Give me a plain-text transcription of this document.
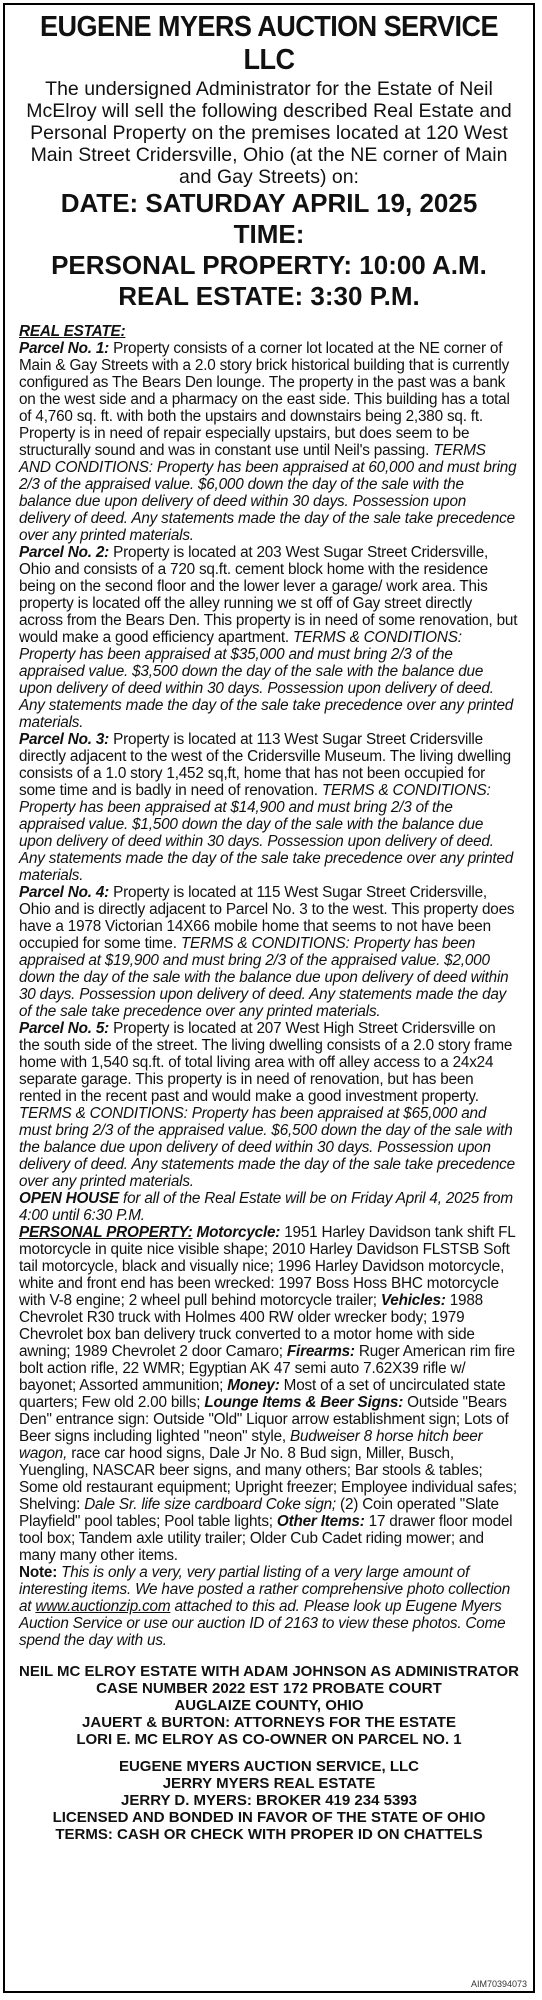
EUGENE MYERS AUCTION SERVICE LLC
The undersigned Administrator for the Estate of Neil McElroy will sell the following described Real Estate and Personal Property on the premises located at 120 West Main Street Cridersville, Ohio (at the NE corner of Main and Gay Streets) on:
DATE: SATURDAY APRIL 19, 2025
TIME:
PERSONAL PROPERTY: 10:00 A.M.
REAL ESTATE: 3:30 P.M.

REAL ESTATE:
Parcel No. 1: Property consists of a corner lot located at the NE corner of Main & Gay Streets with a 2.0 story brick historical building that is currently configured as The Bears Den lounge. The property in the past was a bank on the west side and a pharmacy on the east side. This building has a total of 4,760 sq. ft. with both the upstairs and downstairs being 2,380 sq. ft. Property is in need of repair especially upstairs, but does seem to be structurally sound and was in constant use until Neil's passing. TERMS AND CONDITIONS: Property has been appraised at 60,000 and must bring 2/3 of the appraised value. $6,000 down the day of the sale with the balance due upon delivery of deed within 30 days. Possession upon delivery of deed. Any statements made the day of the sale take precedence over any printed materials.
Parcel No. 2: Property is located at 203 West Sugar Street Cridersville, Ohio and consists of a 720 sq.ft. cement block home with the residence being on the second floor and the lower lever a garage/ work area. This property is located off the alley running we st off of Gay street directly across from the Bears Den. This property is in need of some renovation, but would make a good efficiency apartment. TERMS & CONDITIONS: Property has been appraised at $35,000 and must bring 2/3 of the appraised value. $3,500 down the day of the sale with the balance due upon delivery of deed within 30 days. Possession upon delivery of deed. Any statements made the day of the sale take precedence over any printed materials.
Parcel No. 3: Property is located at 113 West Sugar Street Cridersville directly adjacent to the west of the Cridersville Museum. The living dwelling consists of a 1.0 story 1,452 sq,ft, home that has not been occupied for some time and is badly in need of renovation. TERMS & CONDITIONS: Property has been appraised at $14,900 and must bring 2/3 of the appraised value. $1,500 down the day of the sale with the balance due upon delivery of deed within 30 days. Possession upon delivery of deed. Any statements made the day of the sale take precedence over any printed materials.
Parcel No. 4: Property is located at 115 West Sugar Street Cridersville, Ohio and is directly adjacent to Parcel No. 3 to the west. This property does have a 1978 Victorian 14X66 mobile home that seems to not have been occupied for some time. TERMS & CONDITIONS: Property has been appraised at $19,900 and must bring 2/3 of the appraised value. $2,000 down the day of the sale with the balance due upon delivery of deed within 30 days. Possession upon delivery of deed. Any statements made the day of the sale take precedence over any printed materials.
Parcel No. 5: Property is located at 207 West High Street Cridersville on the south side of the street. The living dwelling consists of a 2.0 story frame home with 1,540 sq.ft. of total living area with off alley access to a 24x24 separate garage. This property is in need of renovation, but has been rented in the recent past and would make a good investment property. TERMS & CONDITIONS: Property has been appraised at $65,000 and must bring 2/3 of the appraised value. $6,500 down the day of the sale with the balance due upon delivery of deed within 30 days. Possession upon delivery of deed. Any statements made the day of the sale take precedence over any printed materials.
OPEN HOUSE for all of the Real Estate will be on Friday April 4, 2025 from 4:00 until 6:30 P.M.

PERSONAL PROPERTY: Motorcycle: 1951 Harley Davidson tank shift FL motorcycle in quite nice visible shape; 2010 Harley Davidson FLSTSB Soft tail motorcycle, black and visually nice; 1996 Harley Davidson motorcycle, white and front end has been wrecked: 1997 Boss Hoss BHC motorcycle with V-8 engine; 2 wheel pull behind motorcycle trailer; Vehicles: 1988 Chevrolet R30 truck with Holmes 400 RW older wrecker body; 1979 Chevrolet box ban delivery truck converted to a motor home with side awning; 1989 Chevrolet 2 door Camaro; Firearms: Ruger American rim fire bolt action rifle, 22 WMR; Egyptian AK 47 semi auto 7.62X39 rifle w/ bayonet; Assorted ammunition; Money: Most of a set of uncirculated state quarters; Few old 2.00 bills; Lounge Items & Beer Signs: Outside "Bears Den" entrance sign: Outside "Old" Liquor arrow establishment sign; Lots of Beer signs including lighted "neon" style, Budweiser 8 horse hitch beer wagon, race car hood signs, Dale Jr No. 8 Bud sign, Miller, Busch, Yuengling, NASCAR beer signs, and many others; Bar stools & tables; Some old restaurant equipment; Upright freezer; Employee individual safes; Shelving: Dale Sr. life size cardboard Coke sign; (2) Coin operated "Slate Playfield" pool tables; Pool table lights; Other Items: 17 drawer floor model tool box; Tandem axle utility trailer; Older Cub Cadet riding mower; and many many other items.
Note: This is only a very, very partial listing of a very large amount of interesting items. We have posted a rather comprehensive photo collection at www.auctionzip.com attached to this ad. Please look up Eugene Myers Auction Service or use our auction ID of 2163 to view these photos. Come spend the day with us.

NEIL MC ELROY ESTATE WITH ADAM JOHNSON AS ADMINISTRATOR
CASE NUMBER 2022 EST 172 PROBATE COURT
AUGLAIZE COUNTY, OHIO
JAUERT & BURTON: ATTORNEYS FOR THE ESTATE
LORI E. MC ELROY AS CO-OWNER ON PARCEL NO. 1
EUGENE MYERS AUCTION SERVICE, LLC
JERRY MYERS REAL ESTATE
JERRY D. MYERS: BROKER 419 234 5393
LICENSED AND BONDED IN FAVOR OF THE STATE OF OHIO
TERMS: CASH OR CHECK WITH PROPER ID ON CHATTELS
AIM70394073
